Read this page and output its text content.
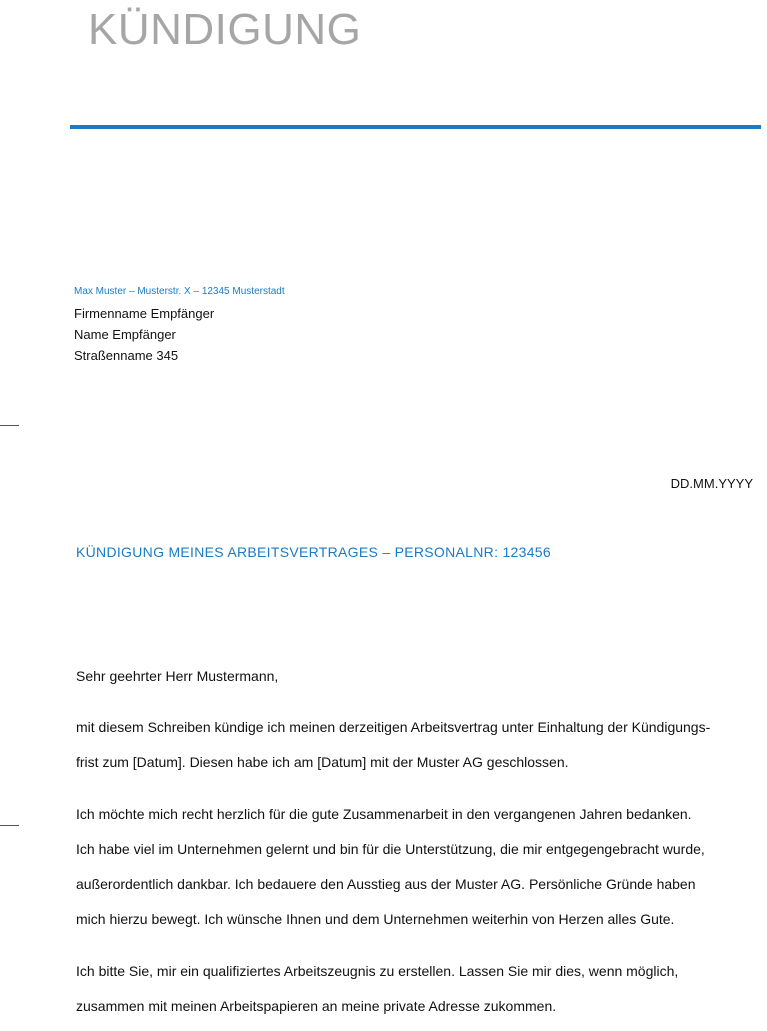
KÜNDIGUNG
Max Muster – Musterstr. X – 12345 Musterstadt
Firmenname Empfänger
Name Empfänger
Straßenname 345
DD.MM.YYYY
KÜNDIGUNG MEINES ARBEITSVERTRAGES – PERSONALNR: 123456
Sehr geehrter Herr Mustermann,
mit diesem Schreiben kündige ich meinen derzeitigen Arbeitsvertrag unter Einhaltung der Kündigungs-
frist zum [Datum]. Diesen habe ich am [Datum] mit der Muster AG geschlossen.
Ich möchte mich recht herzlich für die gute Zusammenarbeit in den vergangenen Jahren bedanken.
Ich habe viel im Unternehmen gelernt und bin für die Unterstützung, die mir entgegengebracht wurde,
außerordentlich dankbar. Ich bedauere den Ausstieg aus der Muster AG. Persönliche Gründe haben
mich hierzu bewegt. Ich wünsche Ihnen und dem Unternehmen weiterhin von Herzen alles Gute.
Ich bitte Sie, mir ein qualifiziertes Arbeitszeugnis zu erstellen. Lassen Sie mir dies, wenn möglich,
zusammen mit meinen Arbeitspapieren an meine private Adresse zukommen.
